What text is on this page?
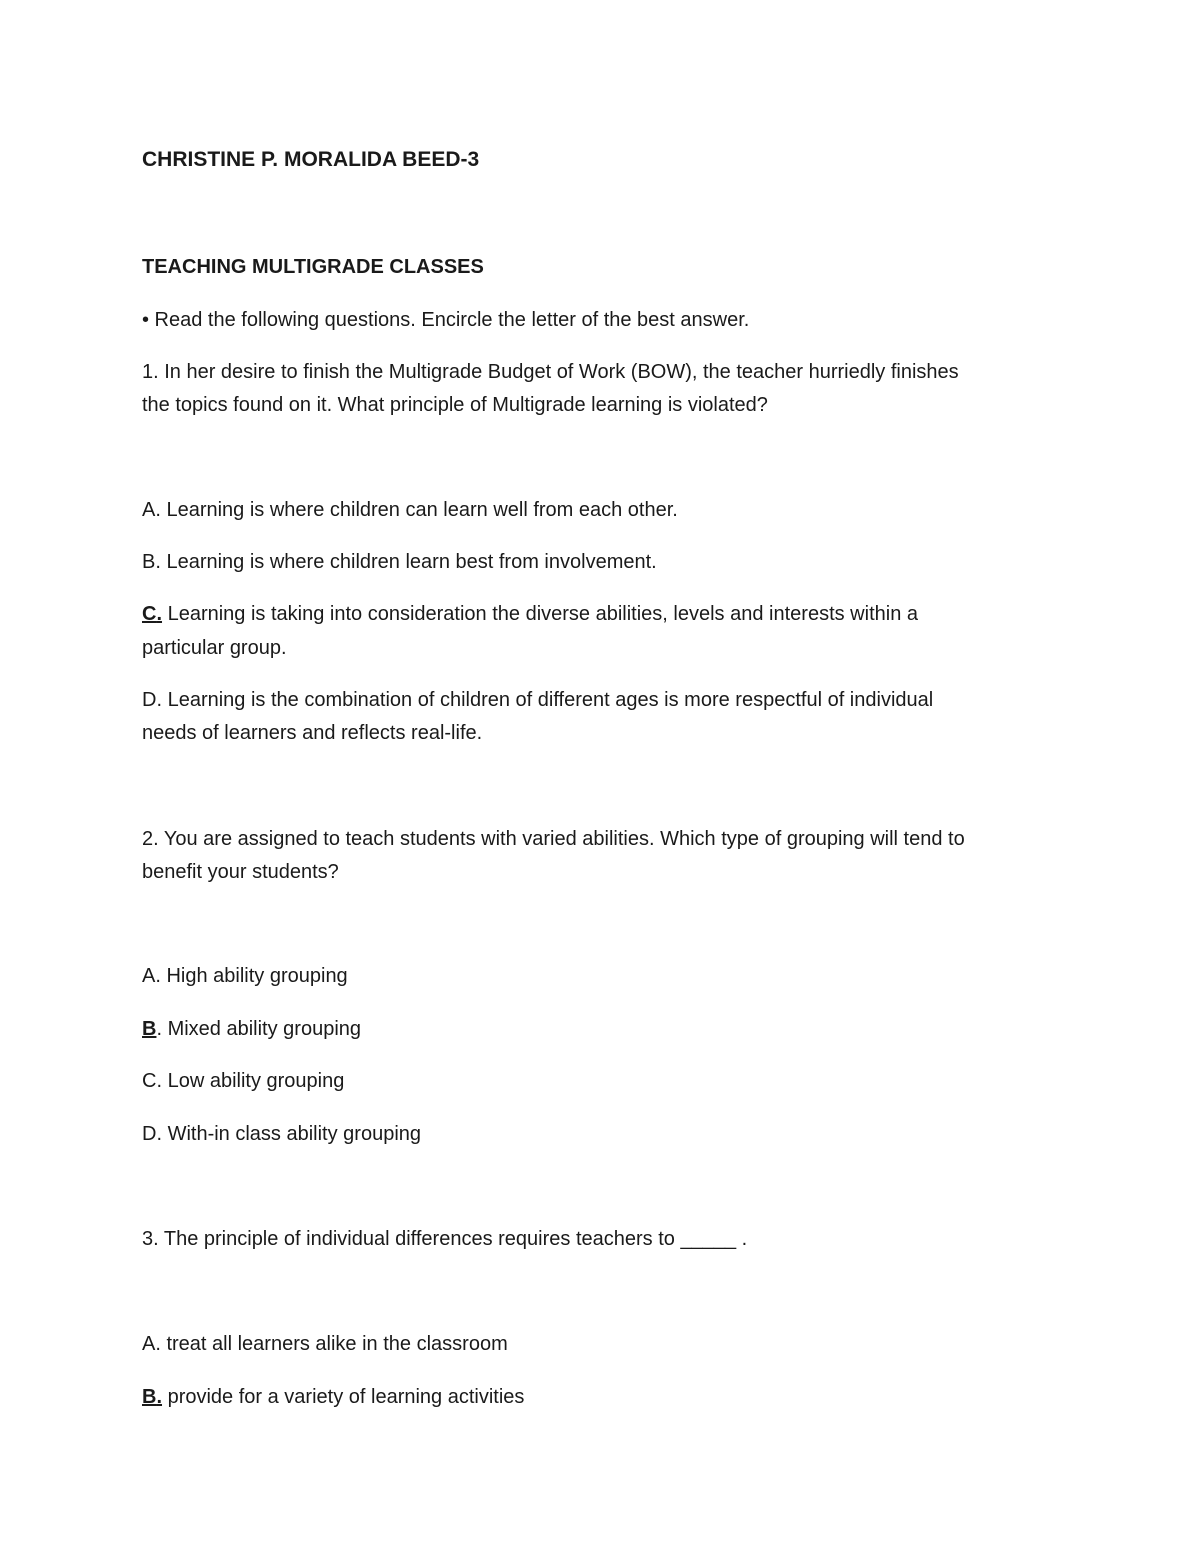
CHRISTINE P. MORALIDA BEED-3
TEACHING MULTIGRADE CLASSES
• Read the following questions. Encircle the letter of the best answer.
1. In her desire to finish the Multigrade Budget of Work (BOW), the teacher hurriedly finishes
the topics found on it. What principle of Multigrade learning is violated?
A. Learning is where children can learn well from each other.
B. Learning is where children learn best from involvement.
C. Learning is taking into consideration the diverse abilities, levels and interests within a
particular group.
D. Learning is the combination of children of different ages is more respectful of individual
needs of learners and reflects real-life.
2. You are assigned to teach students with varied abilities. Which type of grouping will tend to
benefit your students?
A. High ability grouping
B. Mixed ability grouping
C. Low ability grouping
D. With-in class ability grouping
3. The principle of individual differences requires teachers to _____ .
A. treat all learners alike in the classroom
B. provide for a variety of learning activities
